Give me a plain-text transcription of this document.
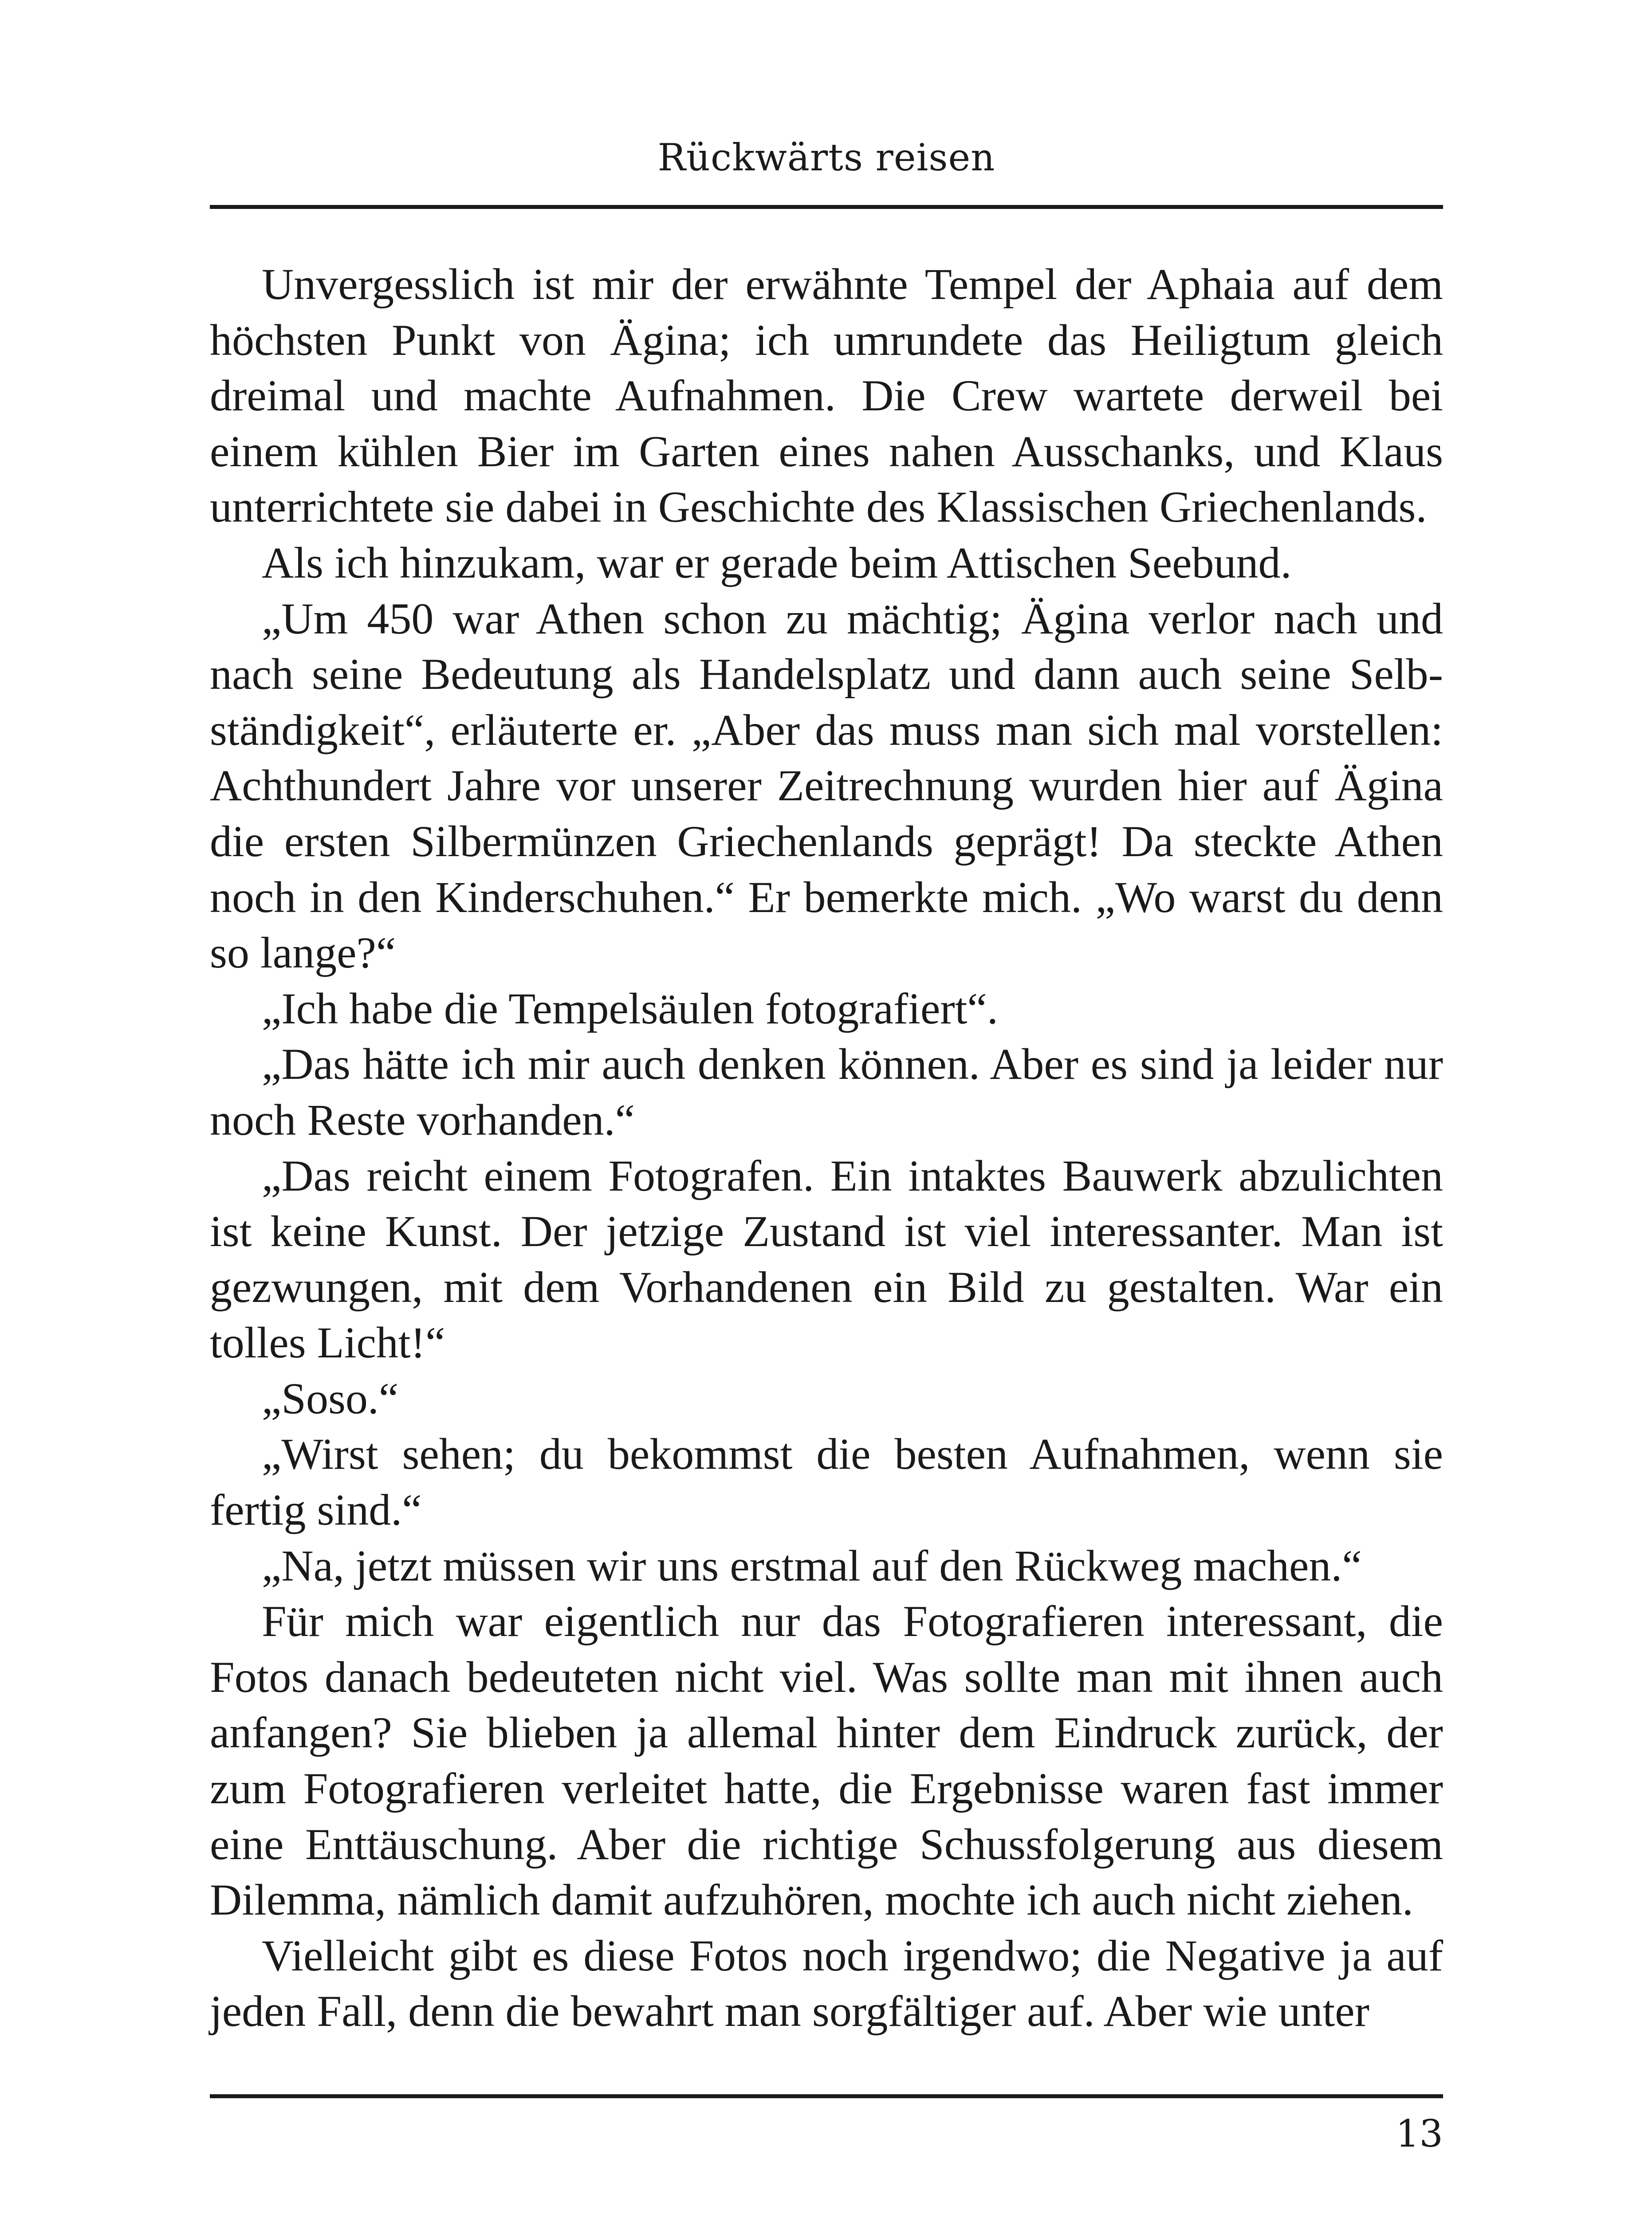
Rückwärts reisen

Unvergesslich ist mir der erwähnte Tempel der Aphaia auf dem höchsten Punkt von Ägina; ich umrundete das Heiligtum gleich dreimal und machte Aufnahmen. Die Crew wartete derweil bei einem kühlen Bier im Garten eines nahen Ausschanks, und Klaus unterrichtete sie dabei in Geschichte des Klassischen Griechenlands.

Als ich hinzukam, war er gerade beim Attischen Seebund.

„Um 450 war Athen schon zu mächtig; Ägina verlor nach und nach seine Bedeutung als Handelsplatz und dann auch seine Selbständigkeit“, erläuterte er. „Aber das muss man sich mal vorstellen: Achthundert Jahre vor unserer Zeitrechnung wurden hier auf Ägina die ersten Silbermünzen Griechenlands geprägt! Da steckte Athen noch in den Kinderschuhen.“ Er bemerkte mich. „Wo warst du denn so lange?“

„Ich habe die Tempelsäulen fotografiert“.

„Das hätte ich mir auch denken können. Aber es sind ja leider nur noch Reste vorhanden.“

„Das reicht einem Fotografen. Ein intaktes Bauwerk abzulichten ist keine Kunst. Der jetzige Zustand ist viel interessanter. Man ist gezwungen, mit dem Vorhandenen ein Bild zu gestalten. War ein tolles Licht!“

„Soso.“

„Wirst sehen; du bekommst die besten Aufnahmen, wenn sie fertig sind.“

„Na, jetzt müssen wir uns erstmal auf den Rückweg machen.“

Für mich war eigentlich nur das Fotografieren interessant, die Fotos danach bedeuteten nicht viel. Was sollte man mit ihnen auch anfangen? Sie blieben ja allemal hinter dem Eindruck zurück, der zum Fotografieren verleitet hatte, die Ergebnisse waren fast immer eine Enttäuschung. Aber die richtige Schussfolgerung aus diesem Dilemma, nämlich damit aufzuhören, mochte ich auch nicht ziehen.

Vielleicht gibt es diese Fotos noch irgendwo; die Negative ja auf jeden Fall, denn die bewahrt man sorgfältiger auf. Aber wie unter

13
